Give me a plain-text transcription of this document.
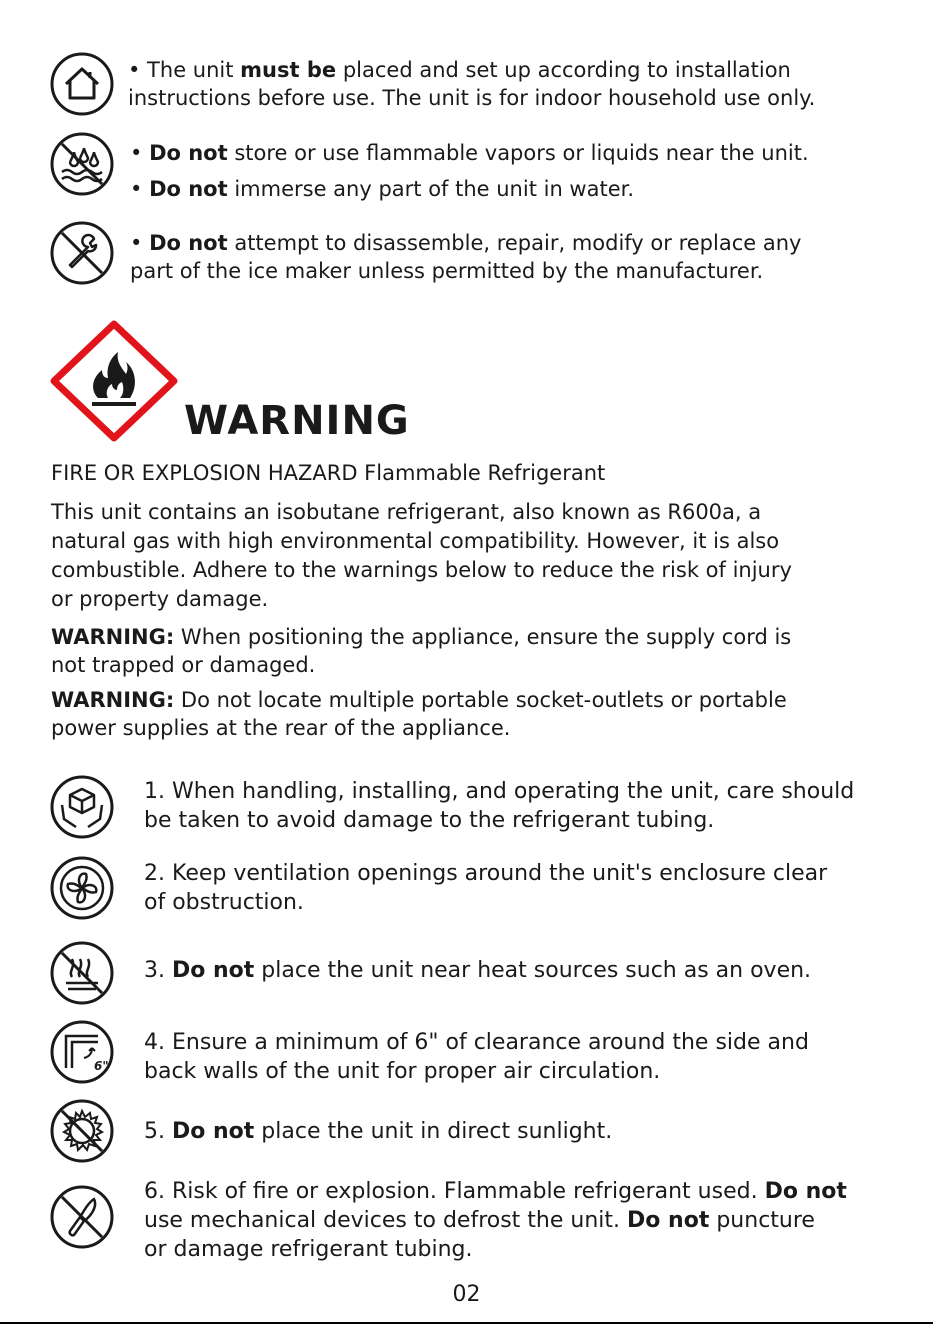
• The unit must be placed and set up according to installation
instructions before use. The unit is for indoor household use only.
• Do not store or use flammable vapors or liquids near the unit.
• Do not immerse any part of the unit in water.
• Do not attempt to disassemble, repair, modify or replace any
part of the ice maker unless permitted by the manufacturer.
WARNING
FIRE OR EXPLOSION HAZARD Flammable Refrigerant
This unit contains an isobutane refrigerant, also known as R600a, a
natural gas with high environmental compatibility. However, it is also
combustible. Adhere to the warnings below to reduce the risk of injury
or property damage.
WARNING: When positioning the appliance, ensure the supply cord is
not trapped or damaged.
WARNING: Do not locate multiple portable socket-outlets or portable
power supplies at the rear of the appliance.
1. When handling, installing, and operating the unit, care should
be taken to avoid damage to the refrigerant tubing.
2. Keep ventilation openings around the unit's enclosure clear
of obstruction.
3. Do not place the unit near heat sources such as an oven.
6"
4. Ensure a minimum of 6" of clearance around the side and
back walls of the unit for proper air circulation.
5. Do not place the unit in direct sunlight.
6. Risk of fire or explosion. Flammable refrigerant used. Do not
use mechanical devices to defrost the unit. Do not puncture
or damage refrigerant tubing.
02
